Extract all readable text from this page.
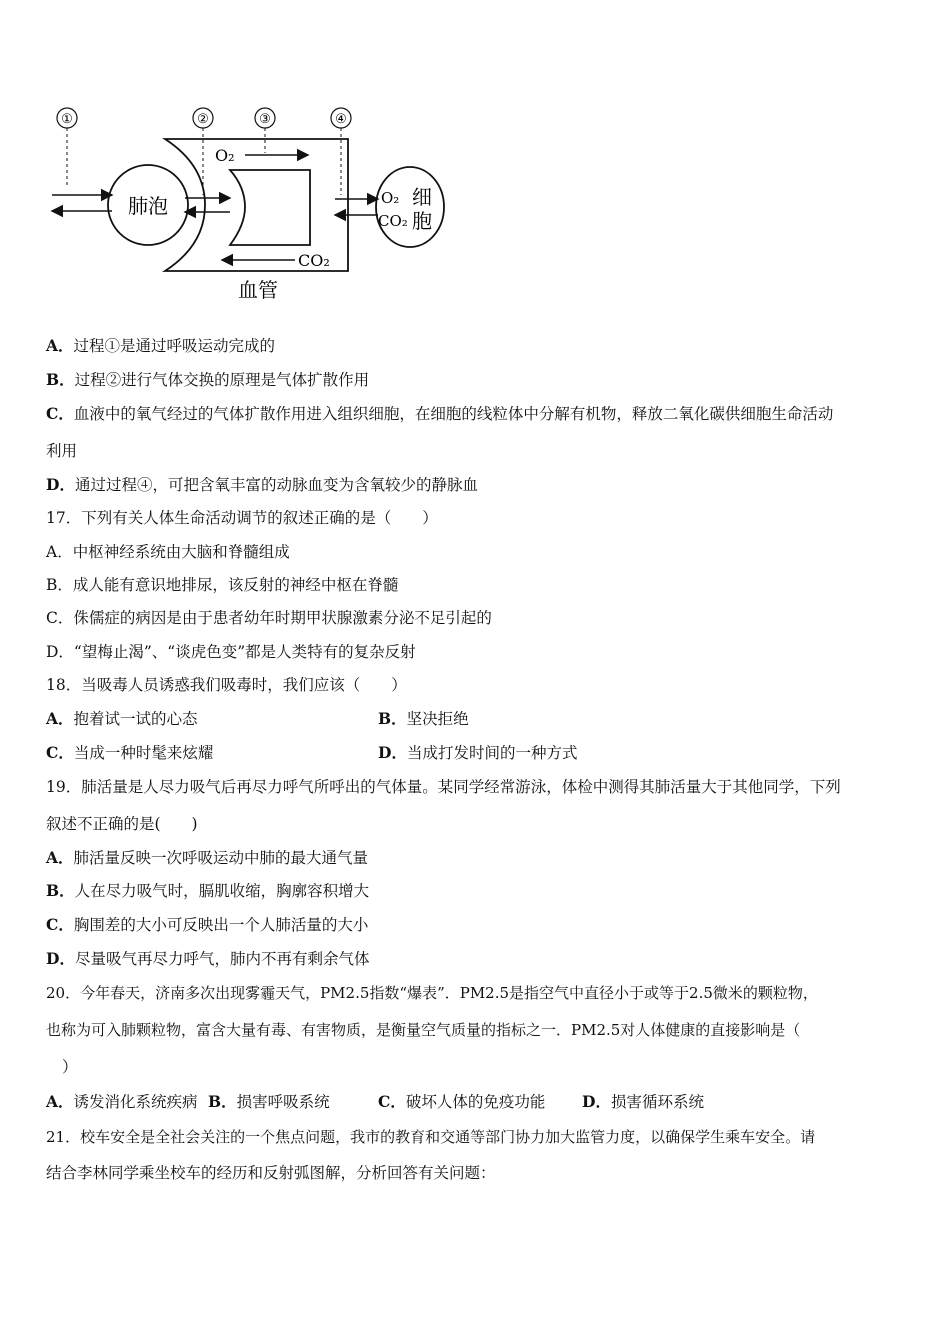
①	②	③	④
肺泡
O₂
CO₂
O₂
CO₂
细
胞
血管
A．过程①是通过呼吸运动完成的
B．过程②进行气体交换的原理是气体扩散作用
C．血液中的氧气经过的气体扩散作用进入组织细胞，在细胞的线粒体中分解有机物，释放二氧化碳供细胞生命活动
利用
D．通过过程④，可把含氧丰富的动脉血变为含氧较少的静脉血
17．下列有关人体生命活动调节的叙述正确的是（　　）
A．中枢神经系统由大脑和脊髓组成
B．成人能有意识地排尿，该反射的神经中枢在脊髓
C．侏儒症的病因是由于患者幼年时期甲状腺激素分泌不足引起的
D．“望梅止渴”、“谈虎色变”都是人类特有的复杂反射
18．当吸毒人员诱惑我们吸毒时，我们应该（　　）
A．抱着试一试的心态	B．坚决拒绝
C．当成一种时髦来炫耀	D．当成打发时间的一种方式
19．肺活量是人尽力吸气后再尽力呼气所呼出的气体量。某同学经常游泳，体检中测得其肺活量大于其他同学，下列
叙述不正确的是(　　)
A．肺活量反映一次呼吸运动中肺的最大通气量
B．人在尽力吸气时，膈肌收缩，胸廓容积增大
C．胸围差的大小可反映出一个人肺活量的大小
D．尽量吸气再尽力呼气，肺内不再有剩余气体
20．今年春天，济南多次出现雾霾天气，PM2.5指数“爆表”．PM2.5是指空气中直径小于或等于2.5微米的颗粒物，
也称为可入肺颗粒物，富含大量有毒、有害物质，是衡量空气质量的指标之一．PM2.5对人体健康的直接影响是（
）
A．诱发消化系统疾病 B．损害呼吸系统	C．破坏人体的免疫功能 D．损害循环系统
21．校车安全是全社会关注的一个焦点问题，我市的教育和交通等部门协力加大监管力度，以确保学生乘车安全。请
结合李林同学乘坐校车的经历和反射弧图解，分析回答有关问题：
